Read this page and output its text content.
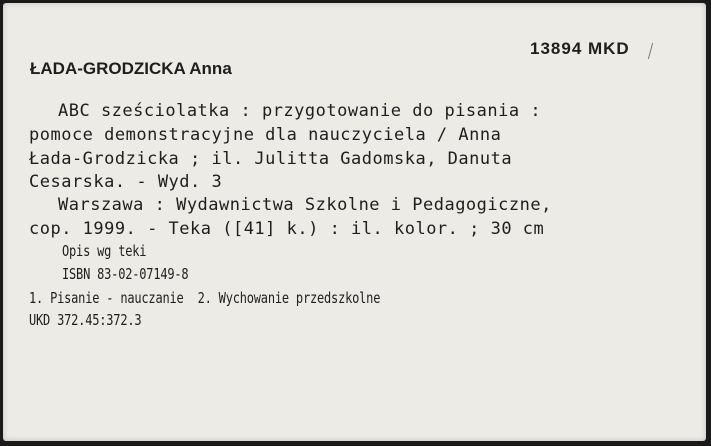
13894 MKD
ŁADA-GRODZICKA Anna
ABC sześciolatka : przygotowanie do pisania :
pomoce demonstracyjne dla nauczyciela / Anna
Łada-Grodzicka ; il. Julitta Gadomska, Danuta
Cesarska. - Wyd. 3
Warszawa : Wydawnictwa Szkolne i Pedagogiczne,
cop. 1999. - Teka ([41] k.) : il. kolor. ; 30 cm
Opis wg teki
ISBN 83-02-07149-8
1. Pisanie - nauczanie  2. Wychowanie przedszkolne
UKD 372.45:372.3
